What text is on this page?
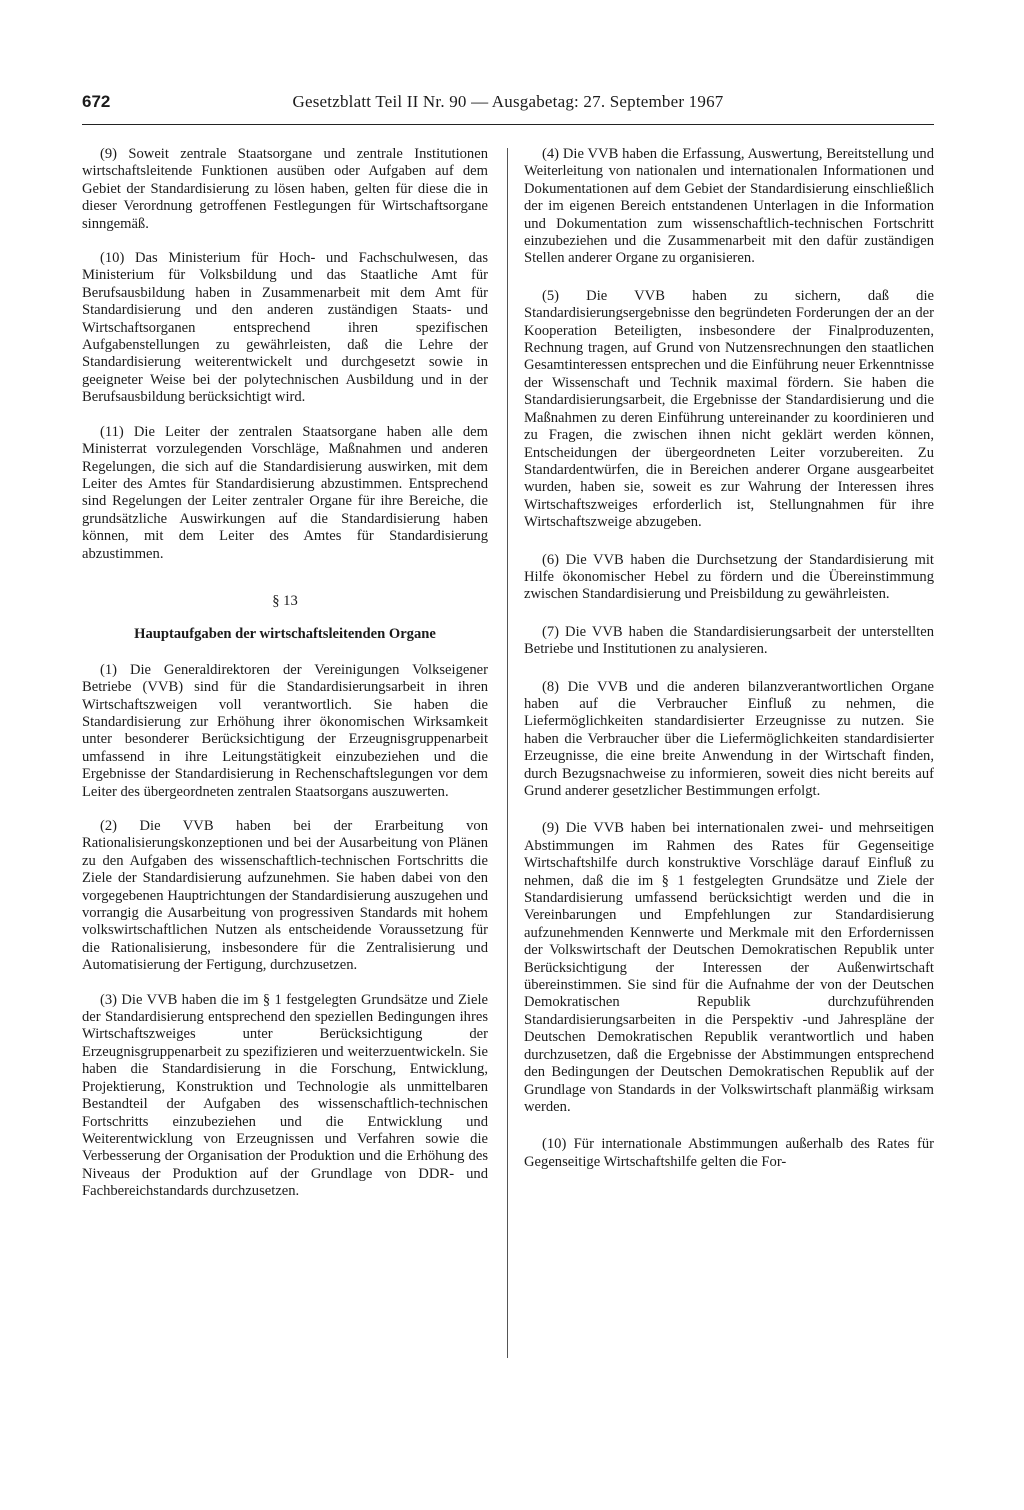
672	Gesetzblatt Teil II Nr. 90 — Ausgabetag: 27. September 1967

(9) Soweit zentrale Staatsorgane und zentrale Institutionen wirtschaftsleitende Funktionen ausüben oder Aufgaben auf dem Gebiet der Standardisierung zu lösen haben, gelten für diese die in dieser Verordnung getroffenen Festlegungen für Wirtschaftsorgane sinngemäß.

(10) Das Ministerium für Hoch- und Fachschulwesen, das Ministerium für Volksbildung und das Staatliche Amt für Berufsausbildung haben in Zusammenarbeit mit dem Amt für Standardisierung und den anderen zuständigen Staats- und Wirtschaftsorganen entsprechend ihren spezifischen Aufgabenstellungen zu gewährleisten, daß die Lehre der Standardisierung weiterentwickelt und durchgesetzt sowie in geeigneter Weise bei der polytechnischen Ausbildung und in der Berufsausbildung berücksichtigt wird.

(11) Die Leiter der zentralen Staatsorgane haben alle dem Ministerrat vorzulegenden Vorschläge, Maßnahmen und anderen Regelungen, die sich auf die Standardisierung auswirken, mit dem Leiter des Amtes für Standardisierung abzustimmen. Entsprechend sind Regelungen der Leiter zentraler Organe für ihre Bereiche, die grundsätzliche Auswirkungen auf die Standardisierung haben können, mit dem Leiter des Amtes für Standardisierung abzustimmen.

§ 13
Hauptaufgaben der wirtschaftsleitenden Organe

(1) Die Generaldirektoren der Vereinigungen Volkseigener Betriebe (VVB) sind für die Standardisierungsarbeit in ihren Wirtschaftszweigen voll verantwortlich. Sie haben die Standardisierung zur Erhöhung ihrer ökonomischen Wirksamkeit unter besonderer Berücksichtigung der Erzeugnisgruppenarbeit umfassend in ihre Leitungstätigkeit einzubeziehen und die Ergebnisse der Standardisierung in Rechenschaftslegungen vor dem Leiter des übergeordneten zentralen Staatsorgans auszuwerten.

(2) Die VVB haben bei der Erarbeitung von Rationalisierungskonzeptionen und bei der Ausarbeitung von Plänen zu den Aufgaben des wissenschaftlich-technischen Fortschritts die Ziele der Standardisierung aufzunehmen. Sie haben dabei von den vorgegebenen Hauptrichtungen der Standardisierung auszugehen und vorrangig die Ausarbeitung von progressiven Standards mit hohem volkswirtschaftlichen Nutzen als entscheidende Voraussetzung für die Rationalisierung, insbesondere für die Zentralisierung und Automatisierung der Fertigung, durchzusetzen.

(3) Die VVB haben die im § 1 festgelegten Grundsätze und Ziele der Standardisierung entsprechend den speziellen Bedingungen ihres Wirtschaftszweiges unter Berücksichtigung der Erzeugnisgruppenarbeit zu spezifizieren und weiterzuentwickeln. Sie haben die Standardisierung in die Forschung, Entwicklung, Projektierung, Konstruktion und Technologie als unmittelbaren Bestandteil der Aufgaben des wissenschaftlich-technischen Fortschritts einzubeziehen und die Entwicklung und Weiterentwicklung von Erzeugnissen und Verfahren sowie die Verbesserung der Organisation der Produktion und die Erhöhung des Niveaus der Produktion auf der Grundlage von DDR- und Fachbereichstandards durchzusetzen.

(4) Die VVB haben die Erfassung, Auswertung, Bereitstellung und Weiterleitung von nationalen und internationalen Informationen und Dokumentationen auf dem Gebiet der Standardisierung einschließlich der im eigenen Bereich entstandenen Unterlagen in die Information und Dokumentation zum wissenschaftlich-technischen Fortschritt einzubeziehen und die Zusammenarbeit mit den dafür zuständigen Stellen anderer Organe zu organisieren.

(5) Die VVB haben zu sichern, daß die Standardisierungsergebnisse den begründeten Forderungen der an der Kooperation Beteiligten, insbesondere der Finalproduzenten, Rechnung tragen, auf Grund von Nutzensrechnungen den staatlichen Gesamtinteressen entsprechen und die Einführung neuer Erkenntnisse der Wissenschaft und Technik maximal fördern. Sie haben die Standardisierungsarbeit, die Ergebnisse der Standardisierung und die Maßnahmen zu deren Einführung untereinander zu koordinieren und zu Fragen, die zwischen ihnen nicht geklärt werden können, Entscheidungen der übergeordneten Leiter vorzubereiten. Zu Standardentwürfen, die in Bereichen anderer Organe ausgearbeitet wurden, haben sie, soweit es zur Wahrung der Interessen ihres Wirtschaftszweiges erforderlich ist, Stellungnahmen für ihre Wirtschaftszweige abzugeben.

(6) Die VVB haben die Durchsetzung der Standardisierung mit Hilfe ökonomischer Hebel zu fördern und die Übereinstimmung zwischen Standardisierung und Preisbildung zu gewährleisten.

(7) Die VVB haben die Standardisierungsarbeit der unterstellten Betriebe und Institutionen zu analysieren.

(8) Die VVB und die anderen bilanzverantwortlichen Organe haben auf die Verbraucher Einfluß zu nehmen, die Liefermöglichkeiten standardisierter Erzeugnisse zu nutzen. Sie haben die Verbraucher über die Liefermöglichkeiten standardisierter Erzeugnisse, die eine breite Anwendung in der Wirtschaft finden, durch Bezugsnachweise zu informieren, soweit dies nicht bereits auf Grund anderer gesetzlicher Bestimmungen erfolgt.

(9) Die VVB haben bei internationalen zwei- und mehrseitigen Abstimmungen im Rahmen des Rates für Gegenseitige Wirtschaftshilfe durch konstruktive Vorschläge darauf Einfluß zu nehmen, daß die im § 1 festgelegten Grundsätze und Ziele der Standardisierung umfassend berücksichtigt werden und die in Vereinbarungen und Empfehlungen zur Standardisierung aufzunehmenden Kennwerte und Merkmale mit den Erfordernissen der Volkswirtschaft der Deutschen Demokratischen Republik unter Berücksichtigung der Interessen der Außenwirtschaft übereinstimmen. Sie sind für die Aufnahme der von der Deutschen Demokratischen Republik durchzuführenden Standardisierungsarbeiten in die Perspektiv -und Jahrespläne der Deutschen Demokratischen Republik verantwortlich und haben durchzusetzen, daß die Ergebnisse der Abstimmungen entsprechend den Bedingungen der Deutschen Demokratischen Republik auf der Grundlage von Standards in der Volkswirtschaft planmäßig wirksam werden.

(10) Für internationale Abstimmungen außerhalb des Rates für Gegenseitige Wirtschaftshilfe gelten die For-
